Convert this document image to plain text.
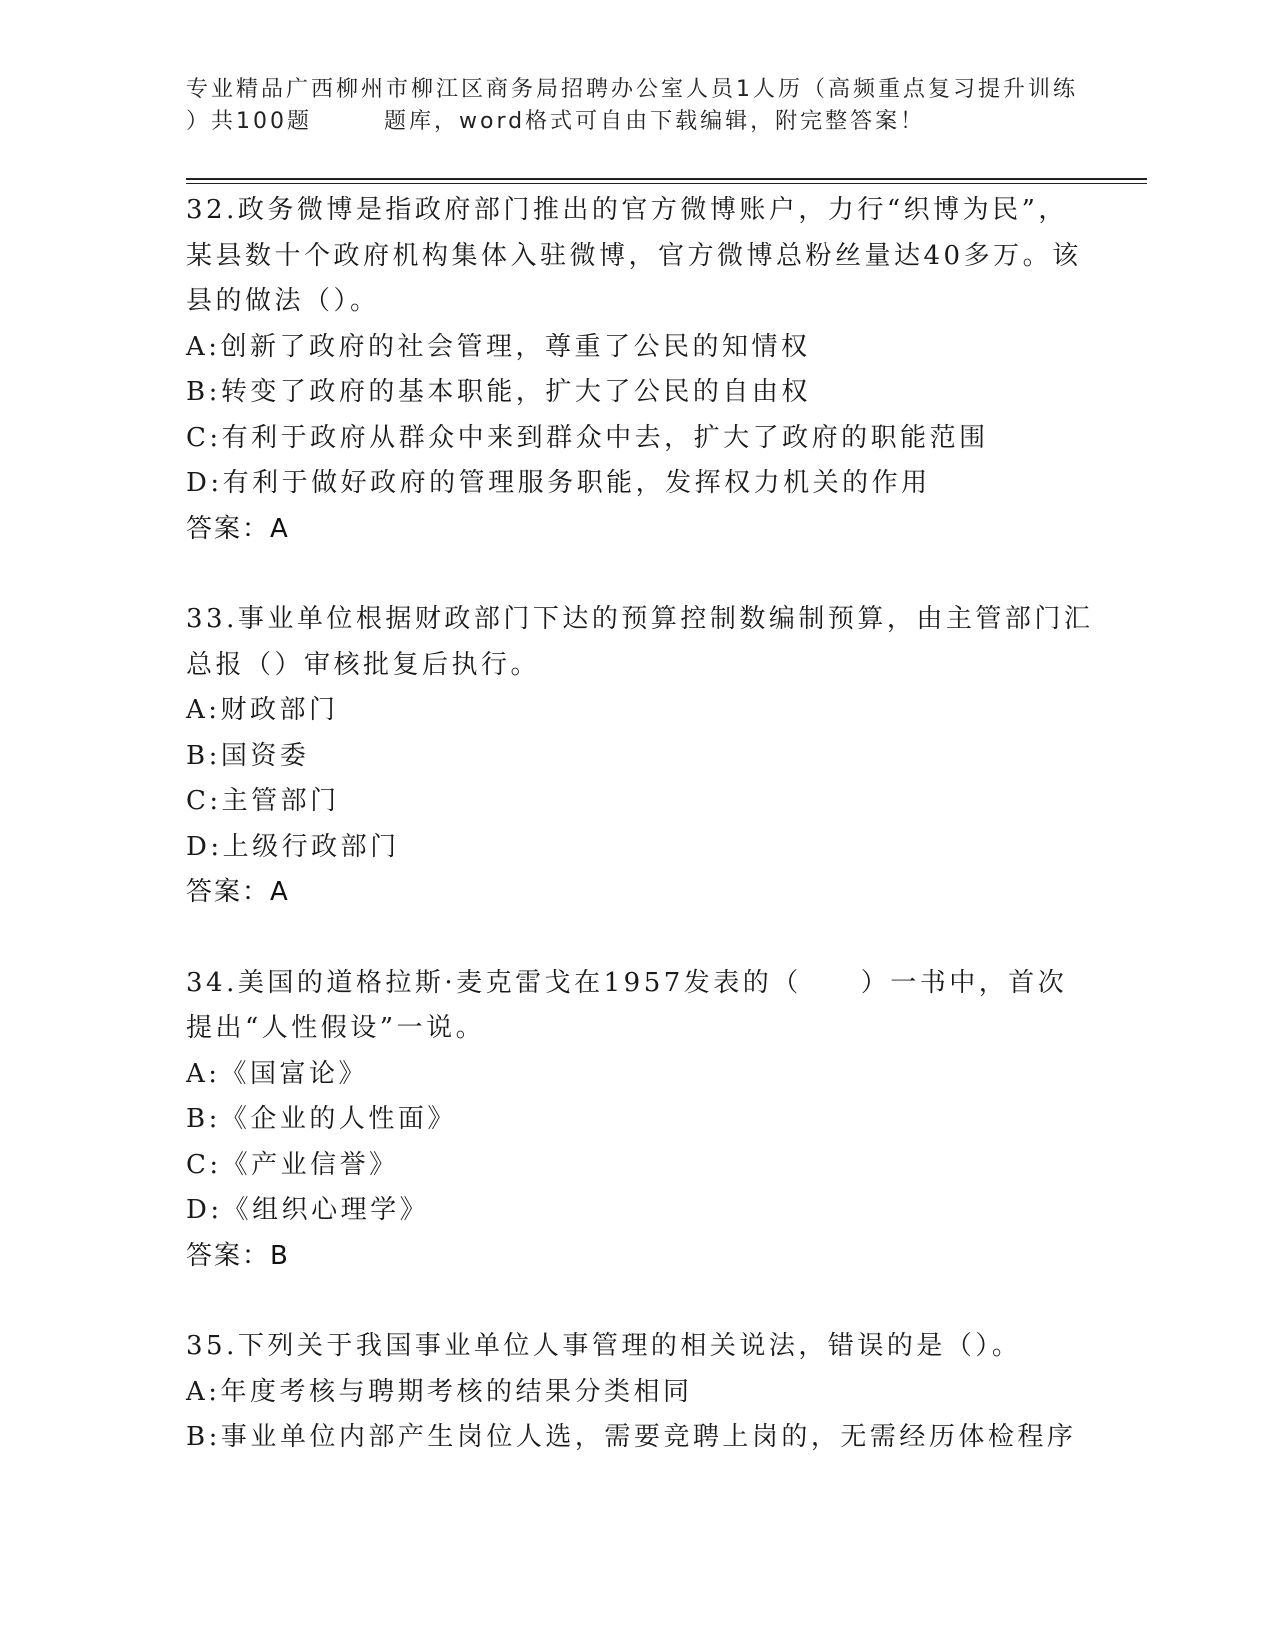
专业精品广西柳州市柳江区商务局招聘办公室人员1人历（高频重点复习提升训练
）共100题	题库，word格式可自由下载编辑，附完整答案！
32.政务微博是指政府部门推出的官方微博账户，力行“织博为民”，
某县数十个政府机构集体入驻微博，官方微博总粉丝量达40多万。该
县的做法（）。
A:创新了政府的社会管理，尊重了公民的知情权
B:转变了政府的基本职能，扩大了公民的自由权
C:有利于政府从群众中来到群众中去，扩大了政府的职能范围
D:有利于做好政府的管理服务职能，发挥权力机关的作用
答案：A
33.事业单位根据财政部门下达的预算控制数编制预算，由主管部门汇
总报（）审核批复后执行。
A:财政部门
B:国资委
C:主管部门
D:上级行政部门
答案：A
34.美国的道格拉斯·麦克雷戈在1957发表的（　　）一书中，首次
提出“人性假设”一说。
A:《国富论》
B:《企业的人性面》
C:《产业信誉》
D:《组织心理学》
答案：B
35.下列关于我国事业单位人事管理的相关说法，错误的是（）。
A:年度考核与聘期考核的结果分类相同
B:事业单位内部产生岗位人选，需要竞聘上岗的，无需经历体检程序
